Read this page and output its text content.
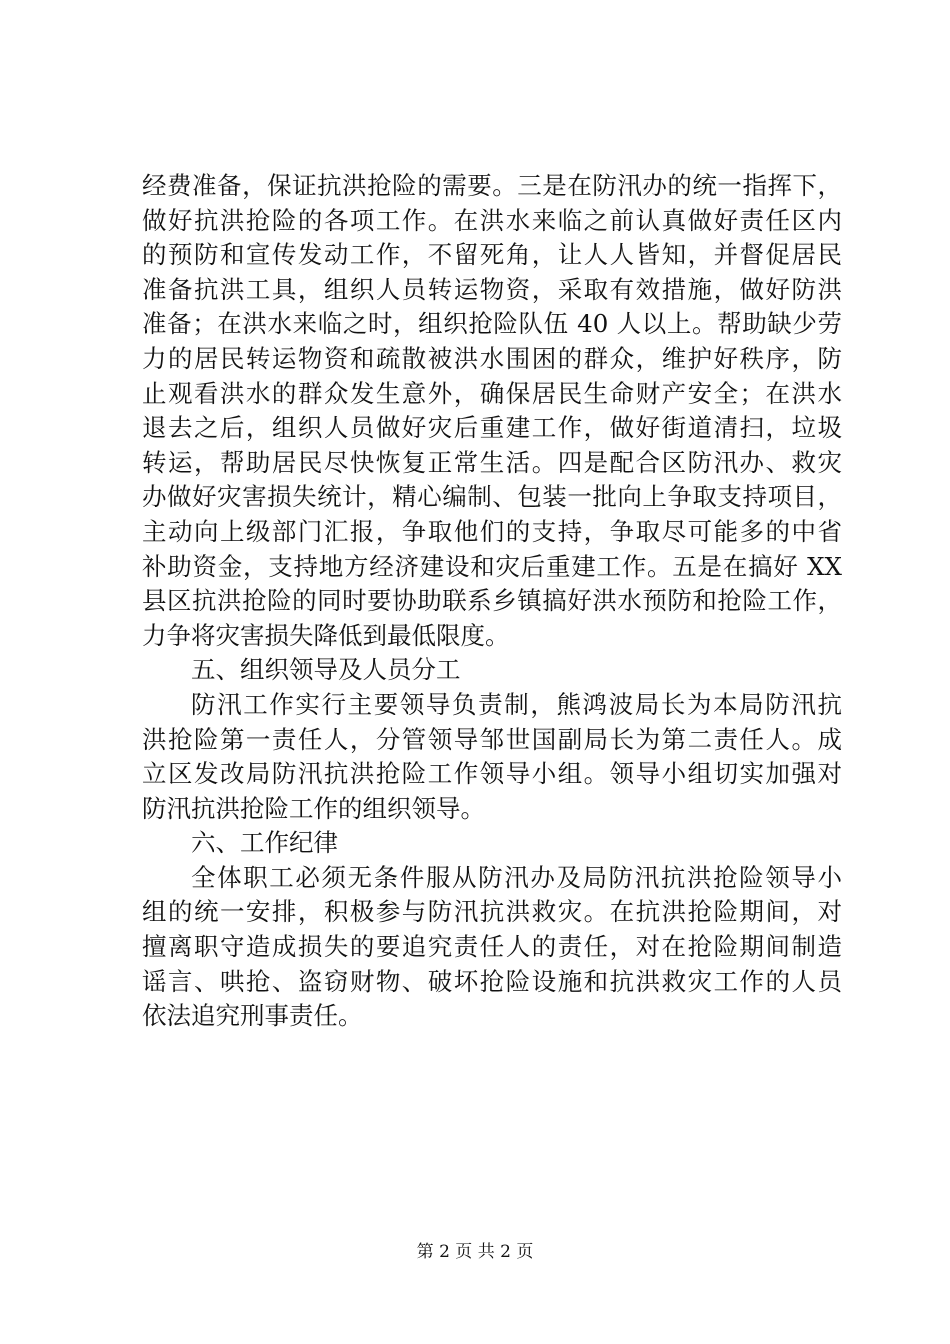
经费准备，保证抗洪抢险的需要。三是在防汛办的统一指挥下，
做好抗洪抢险的各项工作。在洪水来临之前认真做好责任区内
的预防和宣传发动工作，不留死角，让人人皆知，并督促居民
准备抗洪工具，组织人员转运物资，采取有效措施，做好防洪
准备；在洪水来临之时，组织抢险队伍 40 人以上。帮助缺少劳
力的居民转运物资和疏散被洪水围困的群众，维护好秩序，防
止观看洪水的群众发生意外，确保居民生命财产安全；在洪水
退去之后，组织人员做好灾后重建工作，做好街道清扫，垃圾
转运，帮助居民尽快恢复正常生活。四是配合区防汛办、救灾
办做好灾害损失统计，精心编制、包装一批向上争取支持项目，
主动向上级部门汇报，争取他们的支持，争取尽可能多的中省
补助资金，支持地方经济建设和灾后重建工作。五是在搞好 XX
县区抗洪抢险的同时要协助联系乡镇搞好洪水预防和抢险工作，
力争将灾害损失降低到最低限度。
五、组织领导及人员分工
防汛工作实行主要领导负责制，熊鸿波局长为本局防汛抗
洪抢险第一责任人，分管领导邹世国副局长为第二责任人。成
立区发改局防汛抗洪抢险工作领导小组。领导小组切实加强对
防汛抗洪抢险工作的组织领导。
六、工作纪律
全体职工必须无条件服从防汛办及局防汛抗洪抢险领导小
组的统一安排，积极参与防汛抗洪救灾。在抗洪抢险期间，对
擅离职守造成损失的要追究责任人的责任，对在抢险期间制造
谣言、哄抢、盗窃财物、破坏抢险设施和抗洪救灾工作的人员
依法追究刑事责任。
第 2 页 共 2 页
